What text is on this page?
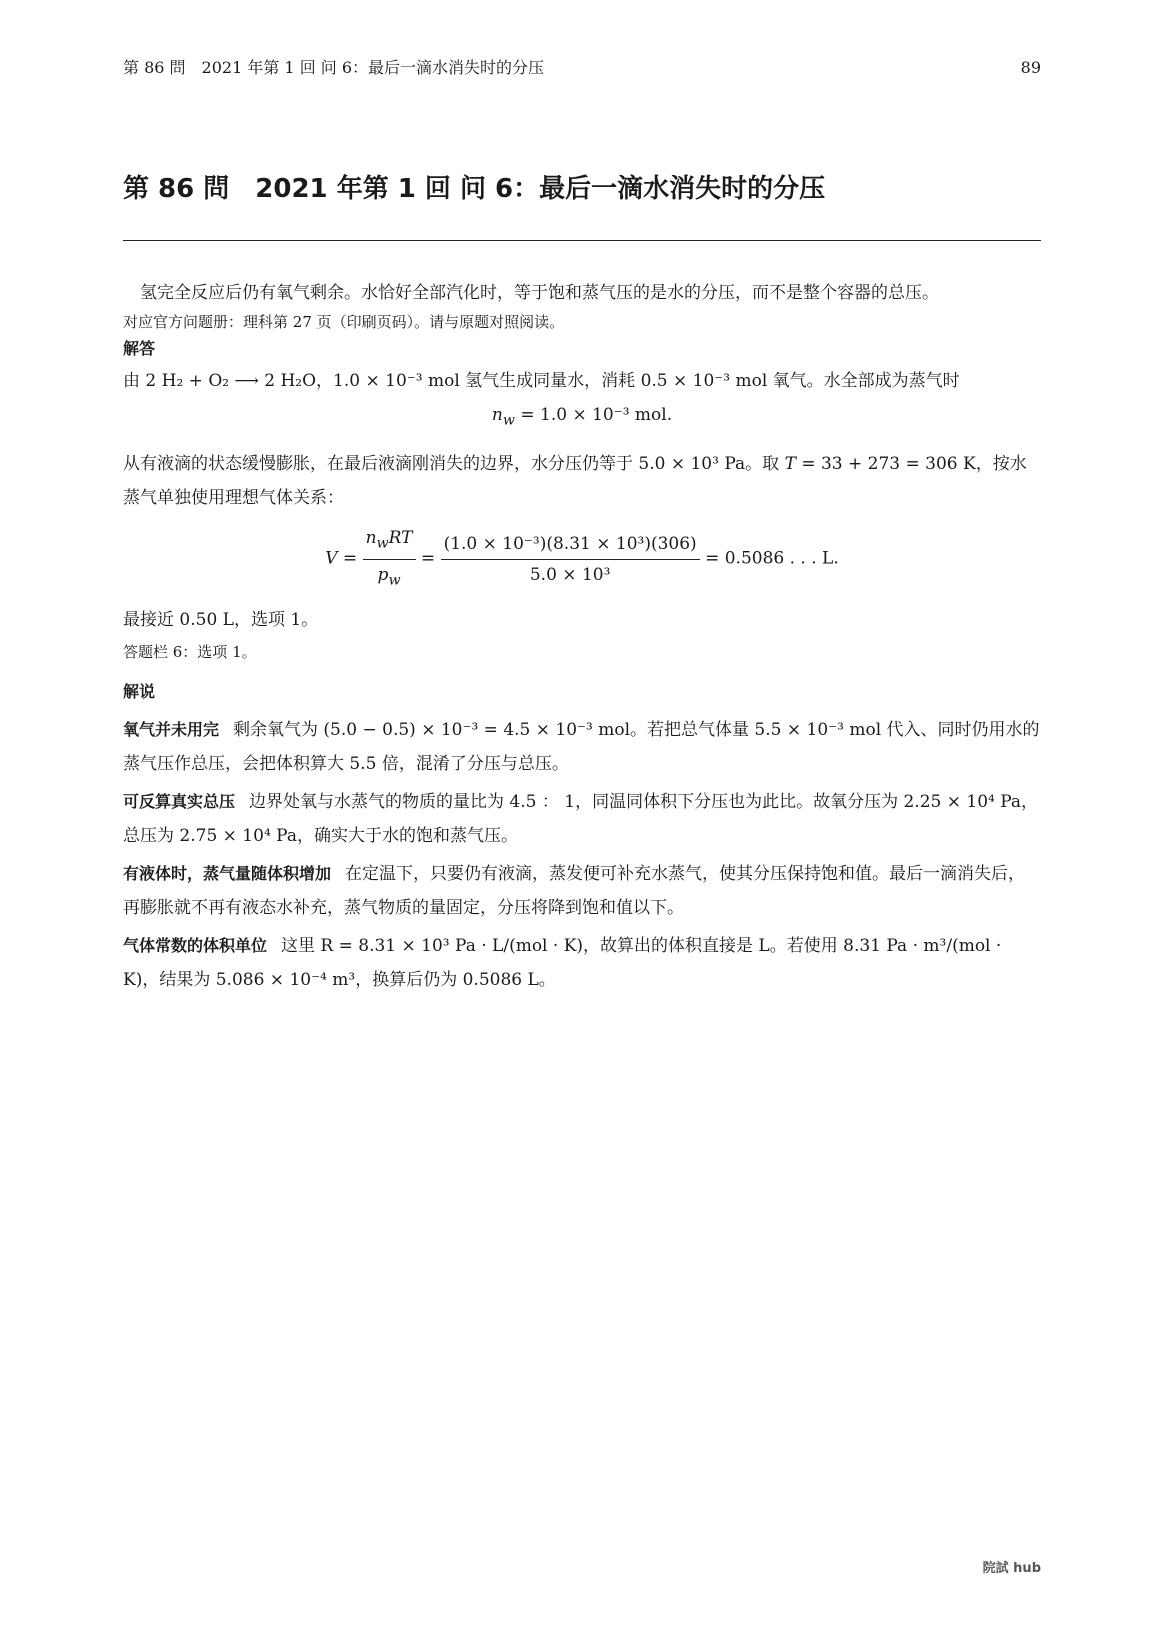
第 86 問　2021 年第 1 回 问 6：最后一滴水消失时的分压	89
第 86 問　2021 年第 1 回 问 6：最后一滴水消失时的分压

氢完全反应后仍有氧气剩余。水恰好全部汽化时，等于饱和蒸气压的是水的分压，而不是整个容器的总压。

对应官方问题册：理科第 27 页（印刷页码）。请与原题对照阅读。

解答

由 2 H₂ + O₂ ⟶ 2 H₂O，1.0 × 10⁻³ mol 氢气生成同量水，消耗 0.5 × 10⁻³ mol 氧气。水全部成为蒸气时

$n_w = 1.0 \times 10^{-3}$ mol.

从有液滴的状态缓慢膨胀，在最后液滴刚消失的边界，水分压仍等于 5.0 × 10³ Pa。取 T = 33 + 273 = 306 K，按水蒸气单独使用理想气体关系：

$V = \frac{n_wRT}{p_w} = \frac{\text{(1.0 × 10⁻³)(8.31 × 10³)(306)}}{\text{5.0 × 10³}} = 0.5086$ . . . L.

最接近 0.50 L，选项 1。

答题栏 6：选项 1。

解说

氧气并未用完 剩余氧气为 (5.0 − 0.5) × 10⁻³ = 4.5 × 10⁻³ mol。若把总气体量 5.5 × 10⁻³ mol 代入、同时仍用水的蒸气压作总压，会把体积算大 5.5 倍，混淆了分压与总压。

可反算真实总压 边界处氧与水蒸气的物质的量比为 4.5 ： 1，同温同体积下分压也为此比。故氧分压为 2.25 × 10⁴ Pa，总压为 2.75 × 10⁴ Pa，确实大于水的饱和蒸气压。

有液体时，蒸气量随体积增加 在定温下，只要仍有液滴，蒸发便可补充水蒸气，使其分压保持饱和值。最后一滴消失后，再膨胀就不再有液态水补充，蒸气物质的量固定，分压将降到饱和值以下。

气体常数的体积单位 这里 R = 8.31 × 10³ Pa · L/(mol · K)，故算出的体积直接是 L。若使用 8.31 Pa · m³/(mol · K)，结果为 5.086 × 10⁻⁴ m³，换算后仍为 0.5086 L。

院試 hub
